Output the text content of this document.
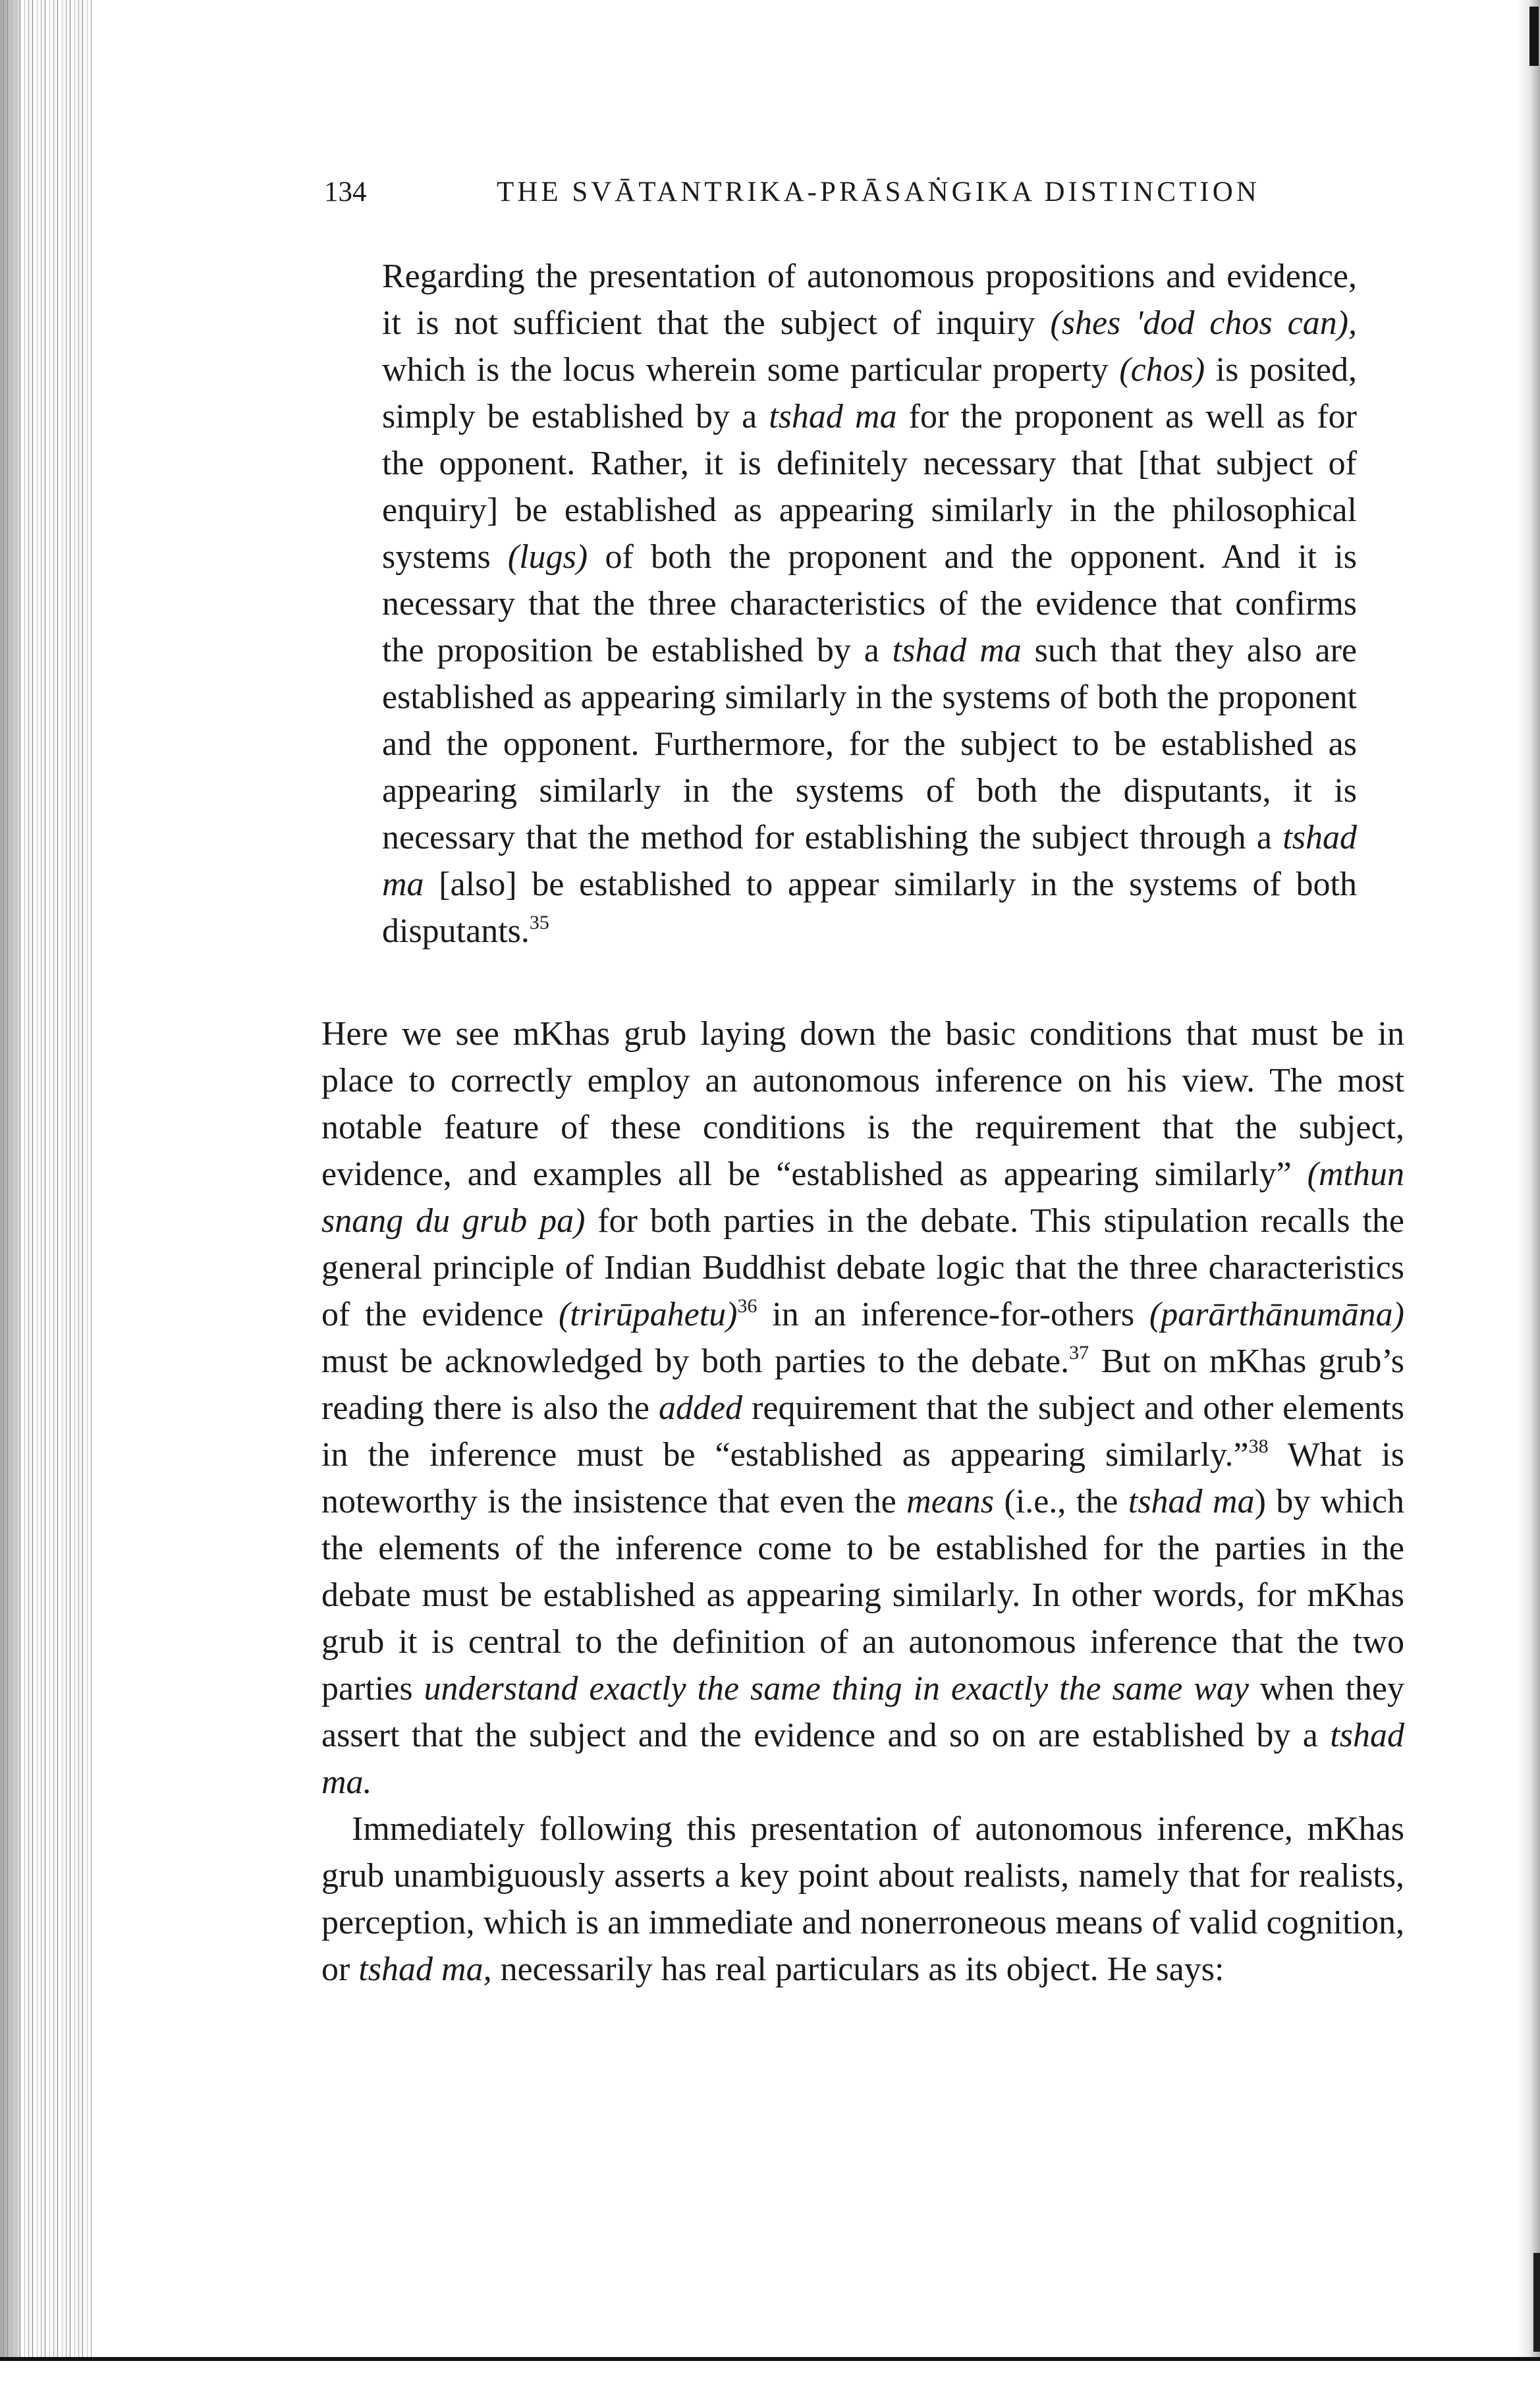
134	THE SVĀTANTRIKA-PRĀSAṄGIKA DISTINCTION

Regarding the presentation of autonomous propositions and evidence, it is not sufficient that the subject of inquiry (shes 'dod chos can), which is the locus wherein some particular property (chos) is posited, simply be established by a tshad ma for the proponent as well as for the opponent. Rather, it is definitely necessary that [that subject of enquiry] be established as appearing similarly in the philosophical systems (lugs) of both the proponent and the opponent. And it is necessary that the three characteristics of the evidence that confirms the proposition be established by a tshad ma such that they also are established as appearing similarly in the systems of both the proponent and the opponent. Furthermore, for the subject to be established as appearing similarly in the systems of both the disputants, it is necessary that the method for establishing the subject through a tshad ma [also] be established to appear similarly in the systems of both disputants.$^{35}$

Here we see mKhas grub laying down the basic conditions that must be in place to correctly employ an autonomous inference on his view. The most notable feature of these conditions is the requirement that the subject, evidence, and examples all be “established as appearing similarly” (mthun snang du grub pa) for both parties in the debate. This stipulation recalls the general principle of Indian Buddhist debate logic that the three characteristics of the evidence (trirūpahetu)$^{36}$ in an inference-for-others (parārthānumāna) must be acknowledged by both parties to the debate.$^{37}$ But on mKhas grub’s reading there is also the added requirement that the subject and other elements in the inference must be “established as appearing similarly.”$^{38}$ What is noteworthy is the insistence that even the means (i.e., the tshad ma) by which the elements of the inference come to be established for the parties in the debate must be established as appearing similarly. In other words, for mKhas grub it is central to the definition of an autonomous inference that the two parties understand exactly the same thing in exactly the same way when they assert that the subject and the evidence and so on are established by a tshad ma.

Immediately following this presentation of autonomous inference, mKhas grub unambiguously asserts a key point about realists, namely that for realists, perception, which is an immediate and nonerroneous means of valid cognition, or tshad ma, necessarily has real particulars as its object. He says:
